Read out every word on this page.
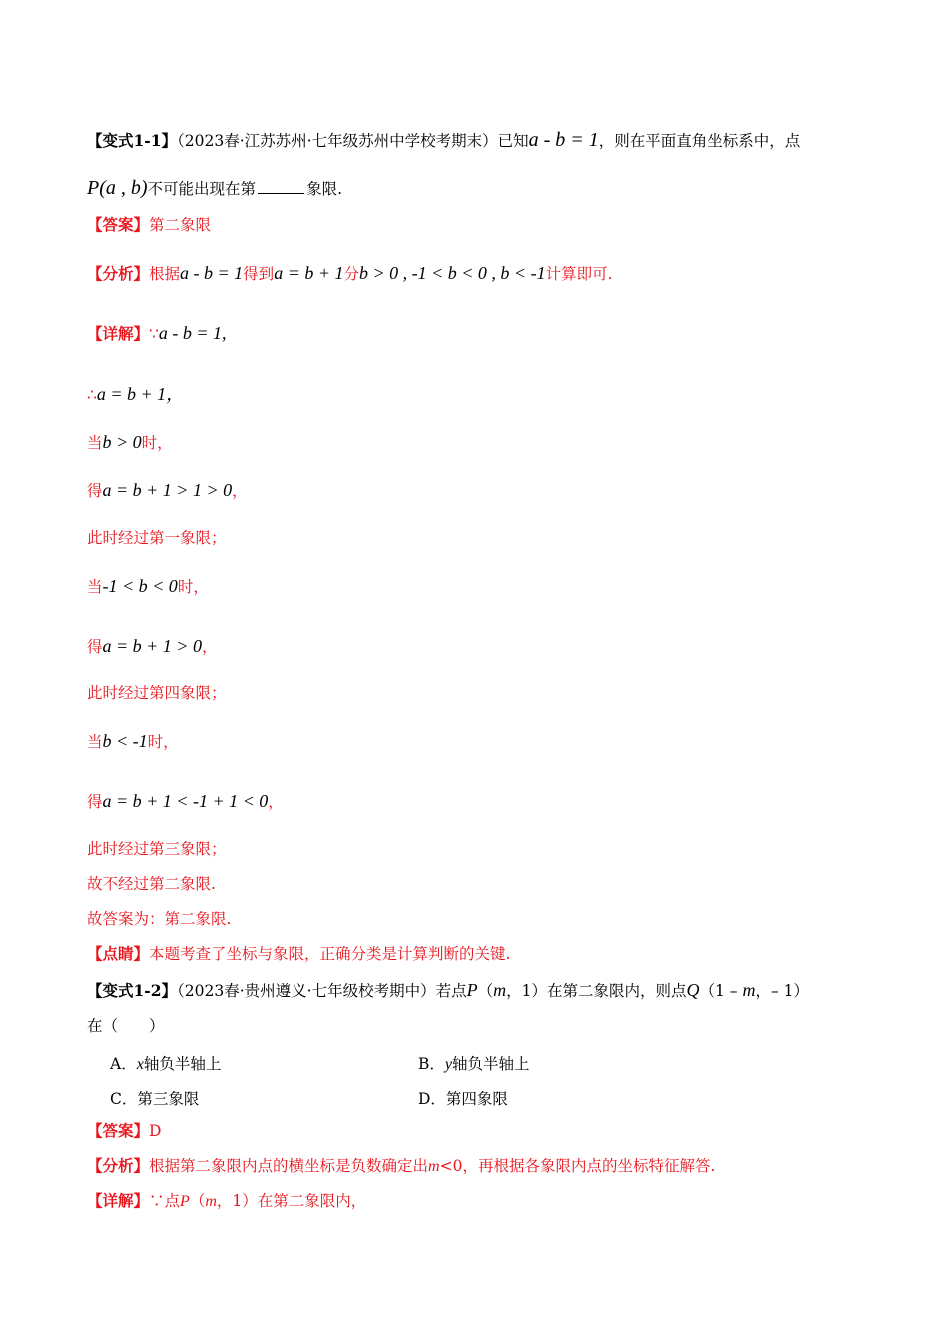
【变式1-1】（2023春·江苏苏州·七年级苏州中学校考期末）已知a - b = 1，则在平面直角坐标系中，点
P(a , b)不可能出现在第	象限.
【答案】第二象限
【分析】根据a - b = 1得到a = b + 1分b > 0 , -1 < b < 0 , b < -1计算即可.
【详解】∵a - b = 1,
∴a = b + 1，
当b > 0时，
得a = b + 1 > 1 > 0，
此时经过第一象限；
当-1 < b < 0时，
得a = b + 1 > 0，
此时经过第四象限；
当b < -1时，
得a = b + 1 < -1 + 1 < 0，
此时经过第三象限；
故不经过第二象限.
故答案为：第二象限.
【点睛】本题考查了坐标与象限，正确分类是计算判断的关键.
【变式1-2】（2023春·贵州遵义·七年级校考期中）若点P（m，1）在第二象限内，则点Q（1 – m，– 1）
在（　　）
A．x轴负半轴上	B．y轴负半轴上
C．第三象限	D．第四象限
【答案】D
【分析】根据第二象限内点的横坐标是负数确定出m<0，再根据各象限内点的坐标特征解答.
【详解】∵点P（m，1）在第二象限内，
